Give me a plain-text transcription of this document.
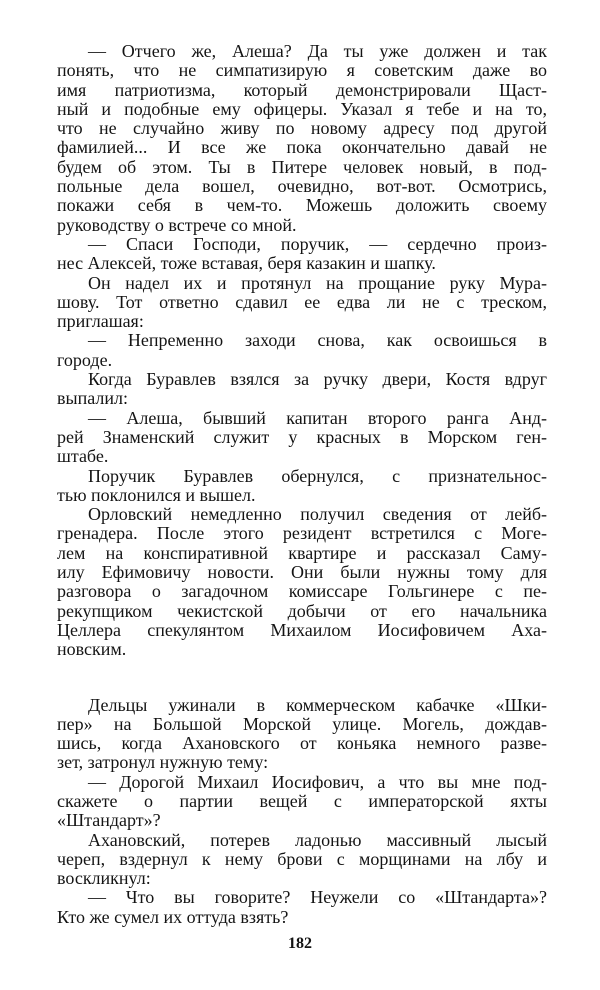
— Отчего же, Алеша? Да ты уже должен и так
понять, что не симпатизирую я советским даже во
имя патриотизма, который демонстрировали Щаст-
ный и подобные ему офицеры. Указал я тебе и на то,
что не случайно живу по новому адресу под другой
фамилией... И все же пока окончательно давай не
будем об этом. Ты в Питере человек новый, в под-
польные дела вошел, очевидно, вот-вот. Осмотрись,
покажи себя в чем-то. Можешь доложить своему
руководству о встрече со мной.
— Спаси Господи, поручик, — сердечно произ-
нес Алексей, тоже вставая, беря казакин и шапку.
Он надел их и протянул на прощание руку Мура-
шову. Тот ответно сдавил ее едва ли не с треском,
приглашая:
— Непременно заходи снова, как освоишься в
городе.
Когда Буравлев взялся за ручку двери, Костя вдруг
выпалил:
— Алеша, бывший капитан второго ранга Анд-
рей Знаменский служит у красных в Морском ген-
штабе.
Поручик Буравлев обернулся, с признательнос-
тью поклонился и вышел.
Орловский немедленно получил сведения от лейб-
гренадера. После этого резидент встретился с Моге-
лем на конспиративной квартире и рассказал Саму-
илу Ефимовичу новости. Они были нужны тому для
разговора о загадочном комиссаре Гольгинере с пе-
рекупщиком чекистской добычи от его начальника
Целлера спекулянтом Михаилом Иосифовичем Аха-
новским.
Дельцы ужинали в коммерческом кабачке «Шки-
пер» на Большой Морской улице. Могель, дождав-
шись, когда Ахановского от коньяка немного разве-
зет, затронул нужную тему:
— Дорогой Михаил Иосифович, а что вы мне под-
скажете о партии вещей с императорской яхты
«Штандарт»?
Ахановский, потерев ладонью массивный лысый
череп, вздернул к нему брови с морщинами на лбу и
воскликнул:
— Что вы говорите? Неужели со «Штандарта»?
Кто же сумел их оттуда взять?
182
